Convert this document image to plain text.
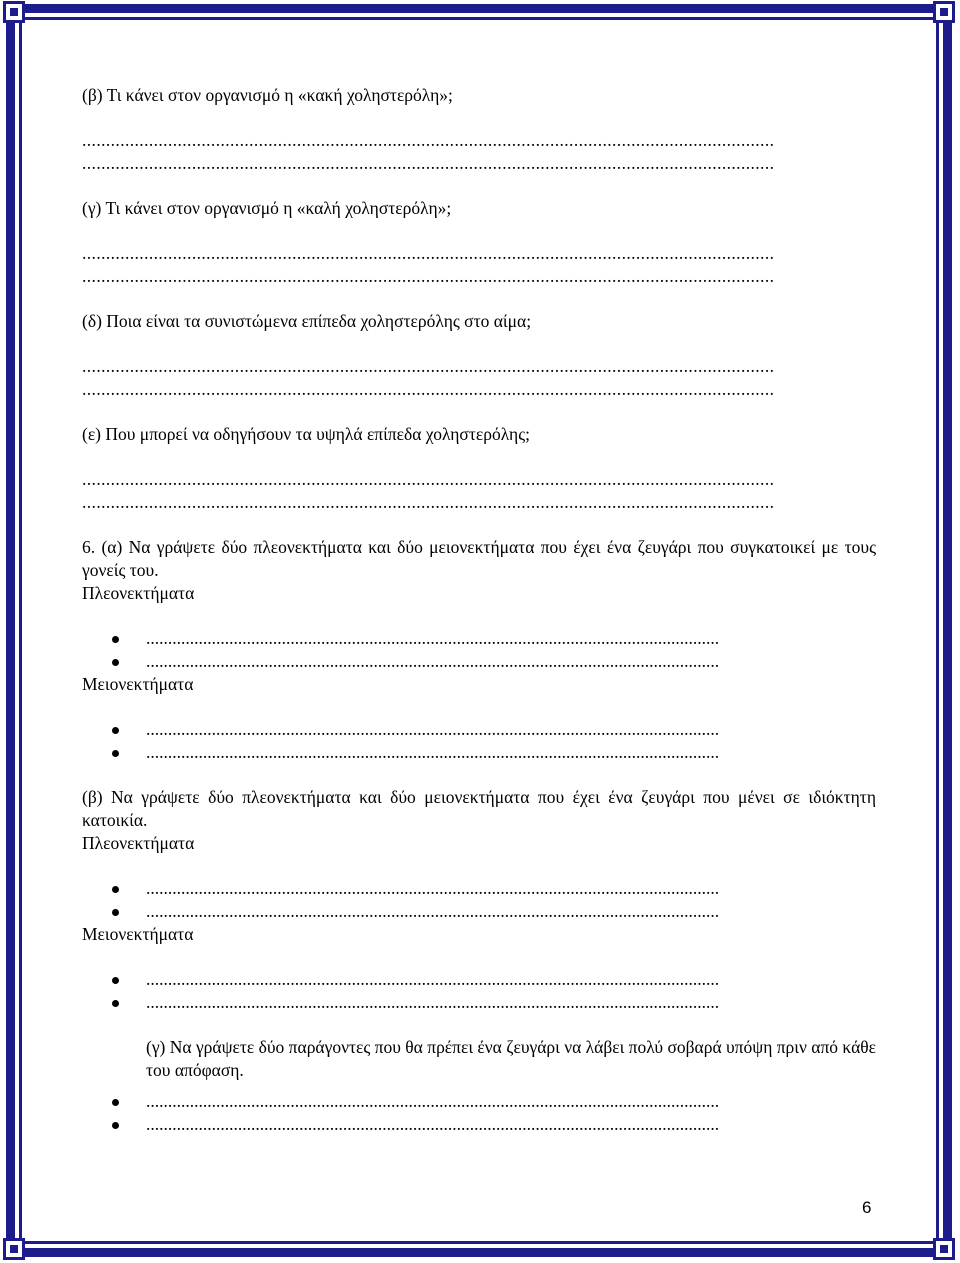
(β) Τι κάνει στον οργανισμό η «κακή χοληστερόλη»;

.................................................................................................................................................

.................................................................................................................................................

(γ) Τι κάνει στον οργανισμό η «καλή χοληστερόλη»;

.................................................................................................................................................

.................................................................................................................................................

(δ) Ποια είναι τα συνιστώμενα επίπεδα χοληστερόλης στο αίμα;

.................................................................................................................................................

.................................................................................................................................................

(ε) Που μπορεί να οδηγήσουν τα υψηλά επίπεδα χοληστερόλης;

.................................................................................................................................................

.................................................................................................................................................

6. (α) Να γράψετε δύο πλεονεκτήματα και δύο μειονεκτήματα που έχει ένα ζευγάρι που συγκατοικεί με τους γονείς του.

Πλεονεκτήματα

...................................................................................................................................
...................................................................................................................................

Μειονεκτήματα

...................................................................................................................................
...................................................................................................................................

(β) Να γράψετε δύο πλεονεκτήματα και δύο μειονεκτήματα που έχει ένα ζευγάρι που μένει σε ιδιόκτητη κατοικία.

Πλεονεκτήματα

...................................................................................................................................
...................................................................................................................................

Μειονεκτήματα

...................................................................................................................................
...................................................................................................................................

(γ) Να γράψετε δύο παράγοντες που θα πρέπει ένα ζευγάρι να λάβει πολύ σοβαρά υπόψη πριν από κάθε του απόφαση.

...................................................................................................................................
...................................................................................................................................
6
